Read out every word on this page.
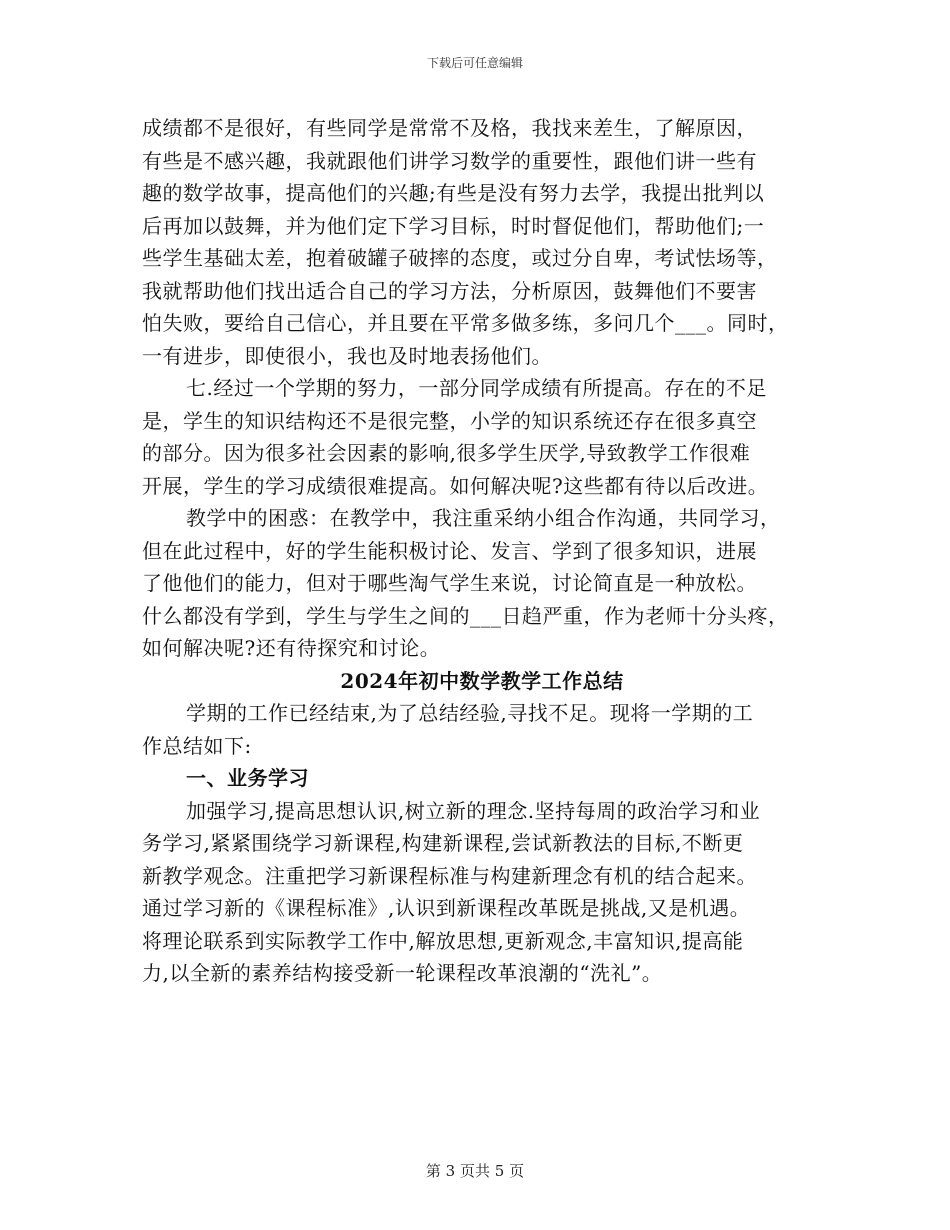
下载后可任意编辑
成绩都不是很好，有些同学是常常不及格，我找来差生，了解原因，
有些是不感兴趣，我就跟他们讲学习数学的重要性，跟他们讲一些有
趣的数学故事，提高他们的兴趣;有些是没有努力去学，我提出批判以
后再加以鼓舞，并为他们定下学习目标，时时督促他们，帮助他们;一
些学生基础太差，抱着破罐子破摔的态度，或过分自卑，考试怯场等，
我就帮助他们找出适合自己的学习方法，分析原因，鼓舞他们不要害
怕失败，要给自己信心，并且要在平常多做多练，多问几个___。同时，
一有进步，即使很小，我也及时地表扬他们。
七.经过一个学期的努力，一部分同学成绩有所提高。存在的不足
是，学生的知识结构还不是很完整，小学的知识系统还存在很多真空
的部分。因为很多社会因素的影响,很多学生厌学,导致教学工作很难
开展，学生的学习成绩很难提高。如何解决呢?这些都有待以后改进。
教学中的困惑：在教学中，我注重采纳小组合作沟通，共同学习，
但在此过程中，好的学生能积极讨论、发言、学到了很多知识，进展
了他他们的能力，但对于哪些淘气学生来说，讨论简直是一种放松。
什么都没有学到，学生与学生之间的___日趋严重，作为老师十分头疼，
如何解决呢?还有待探究和讨论。
2024年初中数学教学工作总结
学期的工作已经结束,为了总结经验,寻找不足。现将一学期的工
作总结如下:
一、业务学习
加强学习,提高思想认识,树立新的理念.坚持每周的政治学习和业
务学习,紧紧围绕学习新课程,构建新课程,尝试新教法的目标,不断更
新教学观念。注重把学习新课程标准与构建新理念有机的结合起来。
通过学习新的《课程标准》,认识到新课程改革既是挑战,又是机遇。
将理论联系到实际教学工作中,解放思想,更新观念,丰富知识,提高能
力,以全新的素养结构接受新一轮课程改革浪潮的“洗礼”。
第 3 页共 5 页
